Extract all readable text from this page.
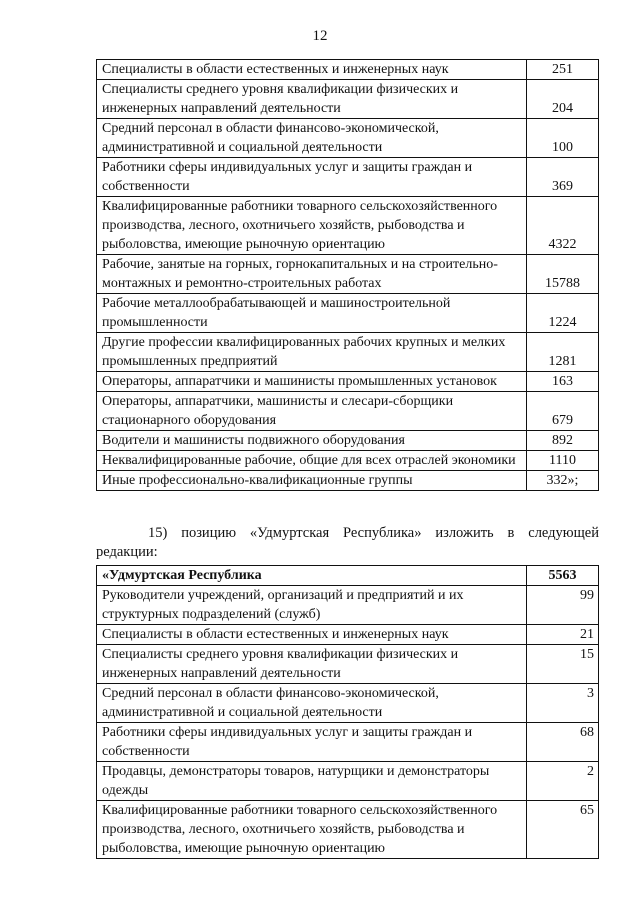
12
Специалисты в области естественных и инженерных наук	251
Специалисты среднего уровня квалификации физических и инженерных направлений деятельности	204
Средний персонал в области финансово-экономической, административной и социальной деятельности	100
Работники сферы индивидуальных услуг и защиты граждан и собственности	369
Квалифицированные работники товарного сельскохозяйственного производства, лесного, охотничьего хозяйств, рыбоводства и рыболовства, имеющие рыночную ориентацию	4322
Рабочие, занятые на горных, горнокапитальных и на строительно-монтажных и ремонтно-строительных работах	15788
Рабочие металлообрабатывающей и машиностроительной промышленности	1224
Другие профессии квалифицированных рабочих крупных и мелких промышленных предприятий	1281
Операторы, аппаратчики и машинисты промышленных установок	163
Операторы, аппаратчики, машинисты и слесари-сборщики стационарного оборудования	679
Водители и машинисты подвижного оборудования	892
Неквалифицированные рабочие, общие для всех отраслей экономики	1110
Иные профессионально-квалификационные группы	332»;
15) позицию «Удмуртская Республика» изложить в следующей
редакции:
«Удмуртская Республика	5563
Руководители учреждений, организаций и предприятий и их структурных подразделений (служб)	99
Специалисты в области естественных и инженерных наук	21
Специалисты среднего уровня квалификации физических и инженерных направлений деятельности	15
Средний персонал в области финансово-экономической, административной и социальной деятельности	3
Работники сферы индивидуальных услуг и защиты граждан и собственности	68
Продавцы, демонстраторы товаров, натурщики и демонстраторы одежды	2
Квалифицированные работники товарного сельскохозяйственного производства, лесного, охотничьего хозяйств, рыбоводства и рыболовства, имеющие рыночную ориентацию	65
